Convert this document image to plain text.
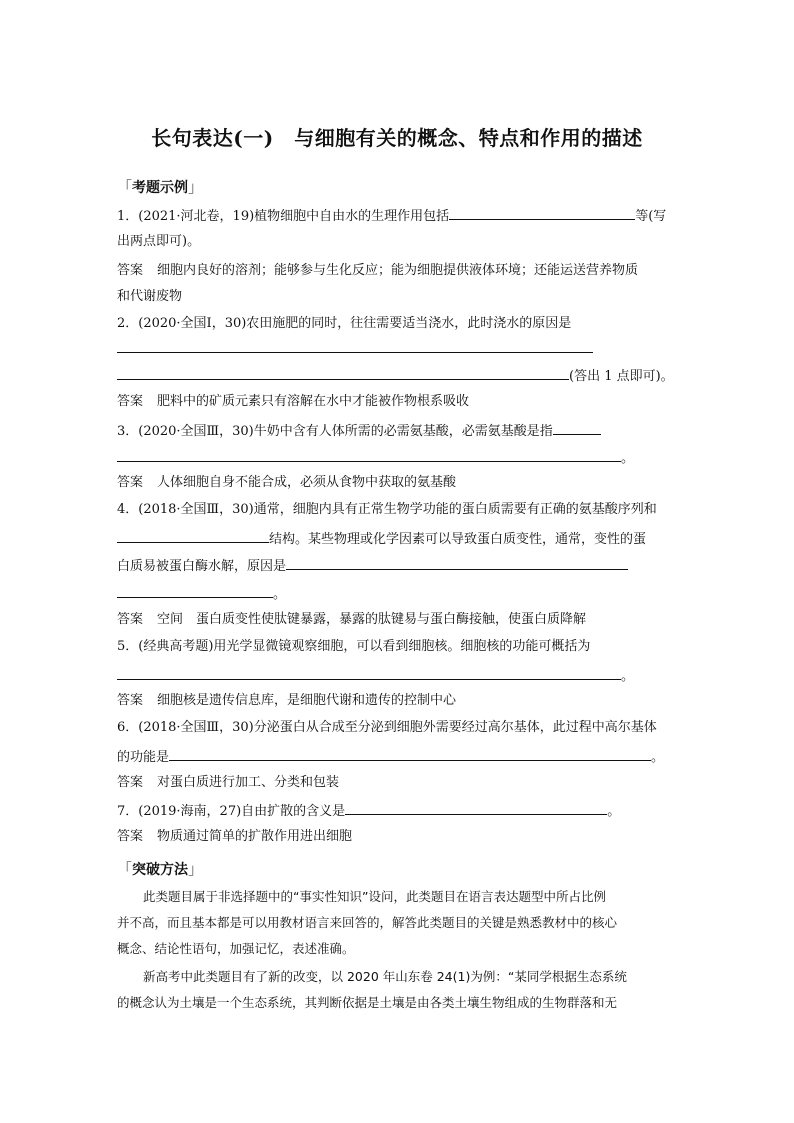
长句表达(一)　与细胞有关的概念、特点和作用的描述
「考题示例」
1．(2021·河北卷，19)植物细胞中自由水的生理作用包括	等(写
出两点即可)。
答案 细胞内良好的溶剂；能够参与生化反应；能为细胞提供液体环境；还能运送营养物质
和代谢废物
2．(2020·全国Ⅰ，30)农田施肥的同时，往往需要适当浇水，此时浇水的原因是
(答出 1 点即可)。
答案 肥料中的矿质元素只有溶解在水中才能被作物根系吸收
3．(2020·全国Ⅲ，30)牛奶中含有人体所需的必需氨基酸，必需氨基酸是指
。
答案 人体细胞自身不能合成，必须从食物中获取的氨基酸
4．(2018·全国Ⅲ，30)通常，细胞内具有正常生物学功能的蛋白质需要有正确的氨基酸序列和
结构。某些物理或化学因素可以导致蛋白质变性，通常，变性的蛋
白质易被蛋白酶水解，原因是
。
答案 空间　蛋白质变性使肽键暴露，暴露的肽键易与蛋白酶接触，使蛋白质降解
5．(经典高考题)用光学显微镜观察细胞，可以看到细胞核。细胞核的功能可概括为
。
答案 细胞核是遗传信息库，是细胞代谢和遗传的控制中心
6．(2018·全国Ⅲ，30)分泌蛋白从合成至分泌到细胞外需要经过高尔基体，此过程中高尔基体
的功能是	。
答案 对蛋白质进行加工、分类和包装
7．(2019·海南，27)自由扩散的含义是	。
答案 物质通过简单的扩散作用进出细胞
「突破方法」
此类题目属于非选择题中的“事实性知识”设问，此类题目在语言表达题型中所占比例
并不高，而且基本都是可以用教材语言来回答的，解答此类题目的关键是熟悉教材中的核心
概念、结论性语句，加强记忆，表述准确。
新高考中此类题目有了新的改变，以 2020 年山东卷 24(1)为例：“某同学根据生态系统
的概念认为土壤是一个生态系统，其判断依据是土壤是由各类土壤生物组成的生物群落和无
